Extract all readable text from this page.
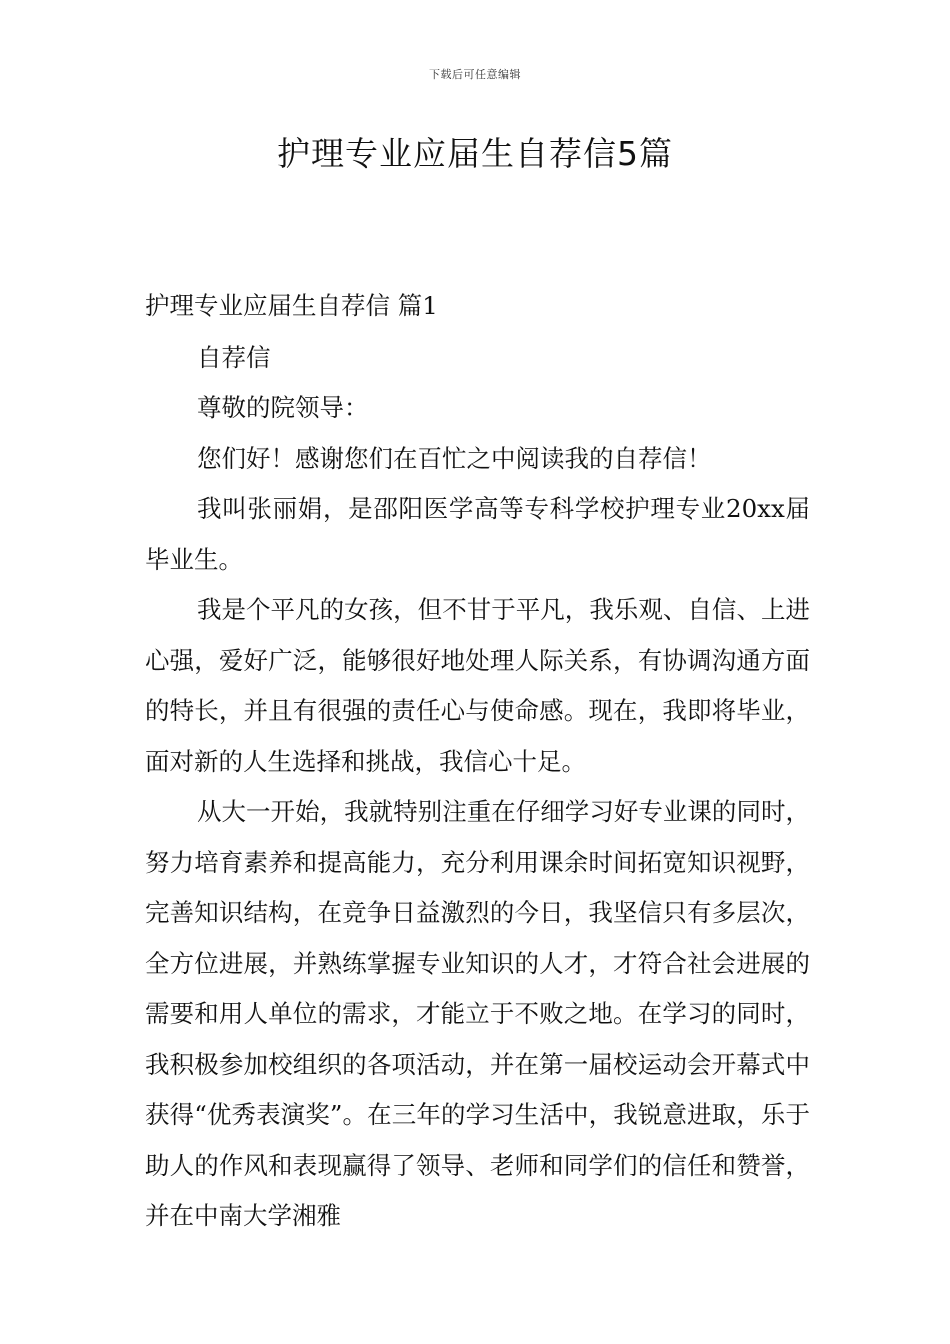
下载后可任意编辑
护理专业应届生自荐信5篇

护理专业应届生自荐信 篇1

自荐信

尊敬的院领导：

您们好！感谢您们在百忙之中阅读我的自荐信！

我叫张丽娟，是邵阳医学高等专科学校护理专业20xx届毕业生。

我是个平凡的女孩，但不甘于平凡，我乐观、自信、上进心强，爱好广泛，能够很好地处理人际关系，有协调沟通方面的特长，并且有很强的责任心与使命感。现在，我即将毕业，面对新的人生选择和挑战，我信心十足。

从大一开始，我就特别注重在仔细学习好专业课的同时，努力培育素养和提高能力，充分利用课余时间拓宽知识视野，完善知识结构，在竞争日益激烈的今日，我坚信只有多层次，全方位进展，并熟练掌握专业知识的人才，才符合社会进展的需要和用人单位的需求，才能立于不败之地。在学习的同时，我积极参加校组织的各项活动，并在第一届校运动会开幕式中获得“优秀表演奖”。在三年的学习生活中，我锐意进取，乐于助人的作风和表现赢得了领导、老师和同学们的信任和赞誉，并在中南大学湘雅
